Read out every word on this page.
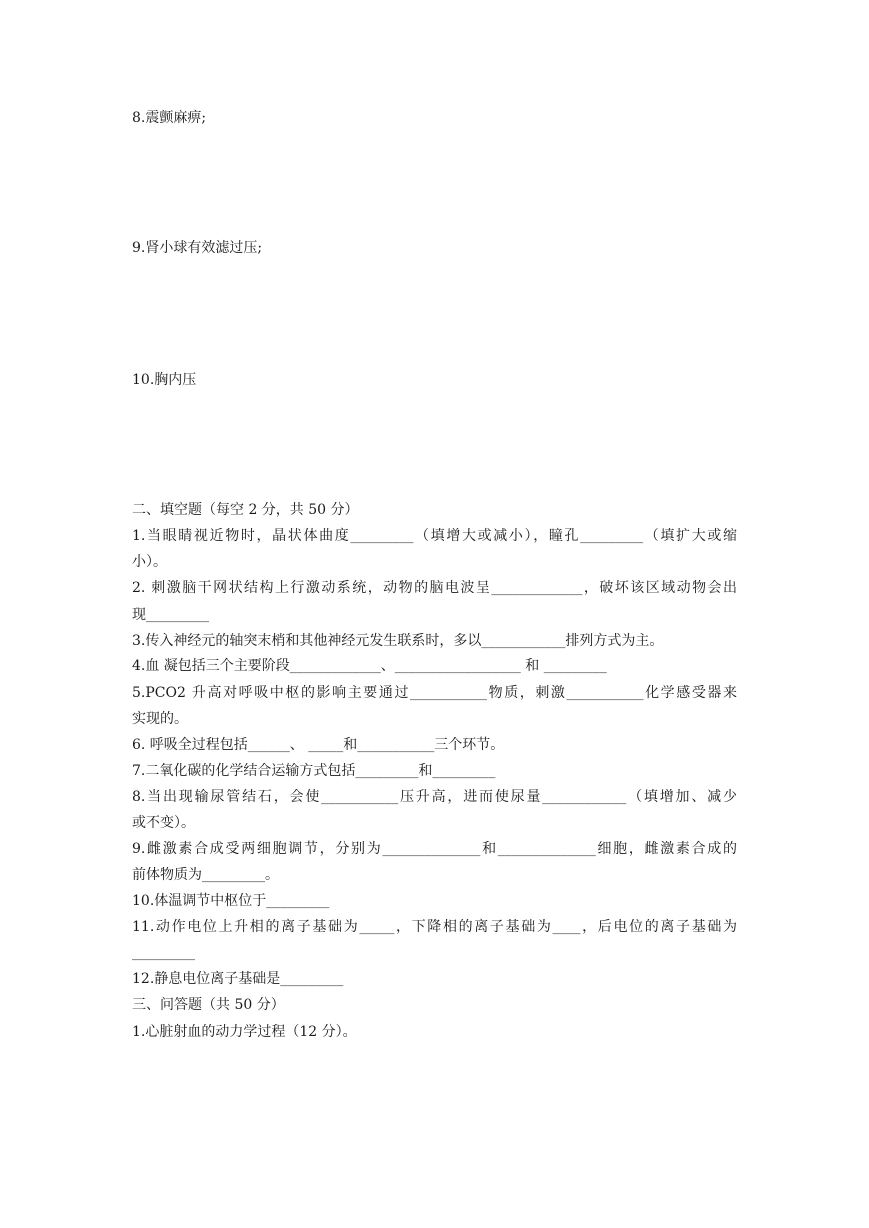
8.震颤麻痹;
9.肾小球有效滤过压;
10.胸内压
二、填空题（每空 2 分，共 50 分）
1.当眼睛视近物时，晶状体曲度_________（填增大或减小），瞳孔_________（填扩大或缩
小）。
2. 刺激脑干网状结构上行激动系统，动物的脑电波呈_____________，破坏该区域动物会出
现_________
3.传入神经元的轴突末梢和其他神经元发生联系时，多以____________排列方式为主。
4.血 凝包括三个主要阶段_____________、__________________ 和 _________
5.PCO2 升高对呼吸中枢的影响主要通过___________物质，刺激___________化学感受器来
实现的。
6. 呼吸全过程包括______、 _____和___________三个环节。
7.二氧化碳的化学结合运输方式包括_________和_________
8.当出现输尿管结石，会使___________压升高，进而使尿量____________（填增加、减少
或不变）。
9.雌激素合成受两细胞调节，分别为______________和______________细胞，雌激素合成的
前体物质为_________。
10.体温调节中枢位于_________
11.动作电位上升相的离子基础为_____，下降相的离子基础为____，后电位的离子基础为
_________
12.静息电位离子基础是_________
三、问答题（共 50 分）
1.心脏射血的动力学过程（12 分）。
